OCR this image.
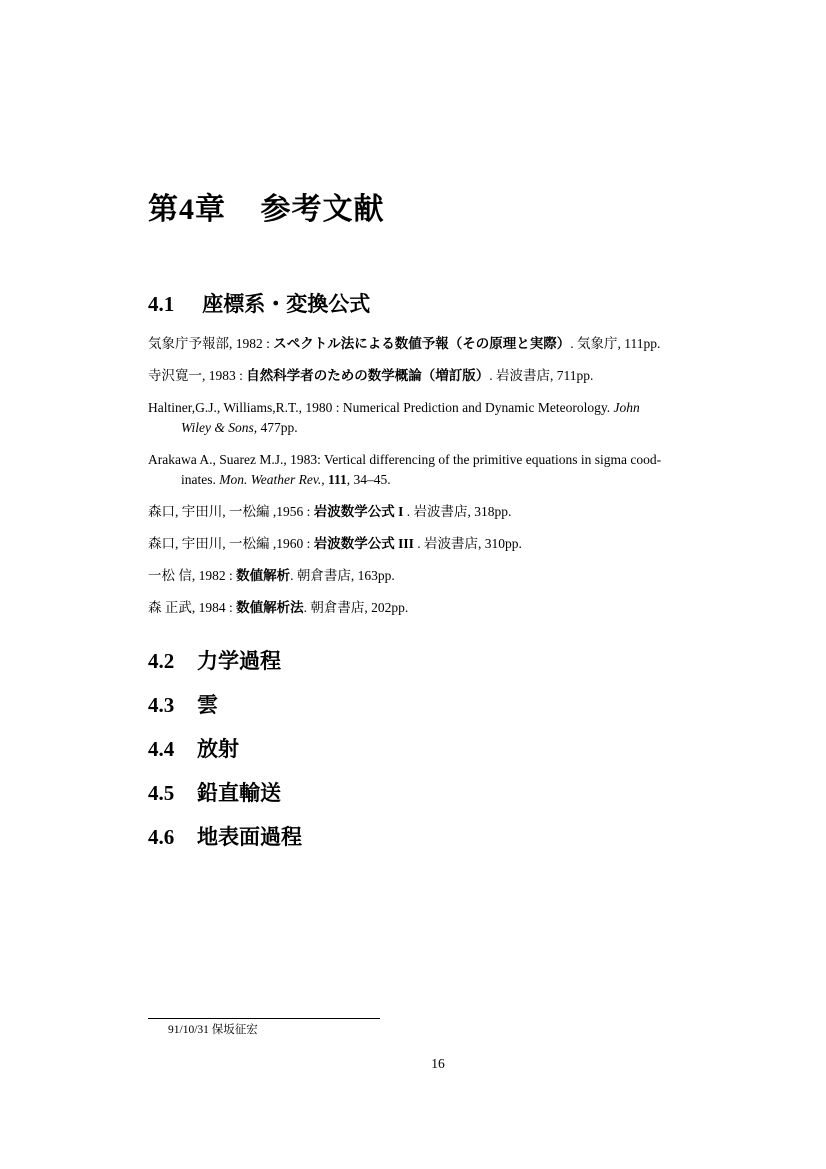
第4章 参考文献
4.1 座標系・変換公式

気象庁予報部, 1982 : スペクトル法による数値予報（その原理と実際）. 気象庁, 111pp.

寺沢寛一, 1983 : 自然科学者のための数学概論（増訂版）. 岩波書店, 711pp.

Haltiner,G.J., Williams,R.T., 1980 : Numerical Prediction and Dynamic Meteorology. John
Wiley & Sons, 477pp.

Arakawa A., Suarez M.J., 1983: Vertical differencing of the primitive equations in sigma cood-
inates. Mon. Weather Rev., 111, 34–45.

森口, 宇田川, 一松編 ,1956 : 岩波数学公式 I . 岩波書店, 318pp.

森口, 宇田川, 一松編 ,1960 : 岩波数学公式 III . 岩波書店, 310pp.

一松 信, 1982 : 数値解析. 朝倉書店, 163pp.

森 正武, 1984 : 数値解析法. 朝倉書店, 202pp.

4.2 力学過程
4.3 雲
4.4 放射
4.5 鉛直輸送
4.6 地表面過程
91/10/31 保坂征宏
16
